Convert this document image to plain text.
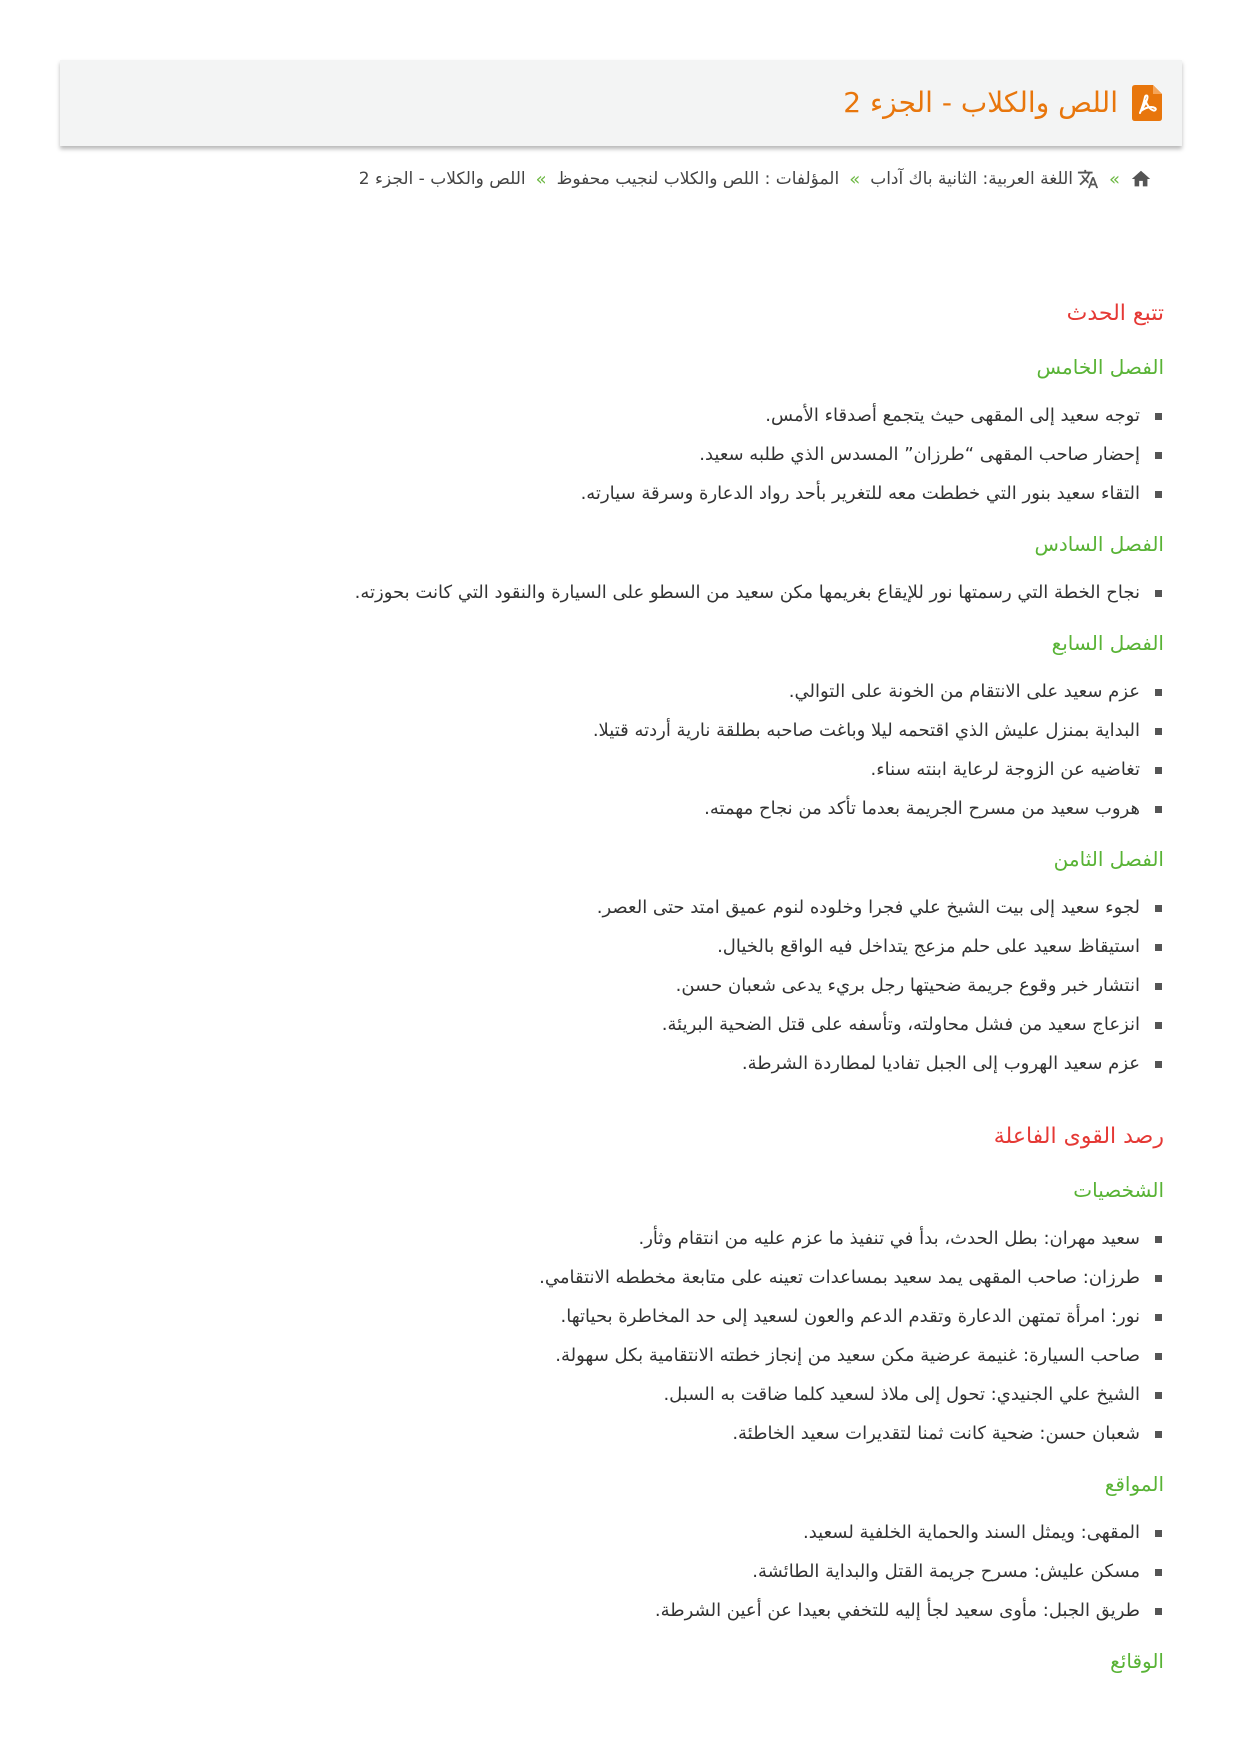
اللص والكلاب - الجزء 2
»
اللغة العربية: الثانية باك آداب
»
المؤلفات : اللص والكلاب لنجيب محفوظ
»
اللص والكلاب - الجزء 2
تتبع الحدث
الفصل الخامس
توجه سعيد إلى المقهى حيث يتجمع أصدقاء الأمس.
إحضار صاحب المقهى “طرزان” المسدس الذي طلبه سعيد.
التقاء سعيد بنور التي خططت معه للتغرير بأحد رواد الدعارة وسرقة سيارته.
الفصل السادس
نجاح الخطة التي رسمتها نور للإيقاع بغريمها مكن سعيد من السطو على السيارة والنقود التي كانت بحوزته.
الفصل السابع
عزم سعيد على الانتقام من الخونة على التوالي.
البداية بمنزل عليش الذي اقتحمه ليلا وباغت صاحبه بطلقة نارية أردته قتيلا.
تغاضيه عن الزوجة لرعاية ابنته سناء.
هروب سعيد من مسرح الجريمة بعدما تأكد من نجاح مهمته.
الفصل الثامن
لجوء سعيد إلى بيت الشيخ علي فجرا وخلوده لنوم عميق امتد حتى العصر.
استيقاظ سعيد على حلم مزعج يتداخل فيه الواقع بالخيال.
انتشار خبر وقوع جريمة ضحيتها رجل بريء يدعى شعبان حسن.
انزعاج سعيد من فشل محاولته، وتأسفه على قتل الضحية البريئة.
عزم سعيد الهروب إلى الجبل تفاديا لمطاردة الشرطة.
رصد القوى الفاعلة
الشخصيات
سعيد مهران: بطل الحدث، بدأ في تنفيذ ما عزم عليه من انتقام وثأر.
طرزان: صاحب المقهى يمد سعيد بمساعدات تعينه على متابعة مخططه الانتقامي.
نور: امرأة تمتهن الدعارة وتقدم الدعم والعون لسعيد إلى حد المخاطرة بحياتها.
صاحب السيارة: غنيمة عرضية مكن سعيد من إنجاز خطته الانتقامية بكل سهولة.
الشيخ علي الجنيدي: تحول إلى ملاذ لسعيد كلما ضاقت به السبل.
شعبان حسن: ضحية كانت ثمنا لتقديرات سعيد الخاطئة.
المواقع
المقهى: ويمثل السند والحماية الخلفية لسعيد.
مسكن عليش: مسرح جريمة القتل والبداية الطائشة.
طريق الجبل: مأوى سعيد لجأ إليه للتخفي بعيدا عن أعين الشرطة.
الوقائع
